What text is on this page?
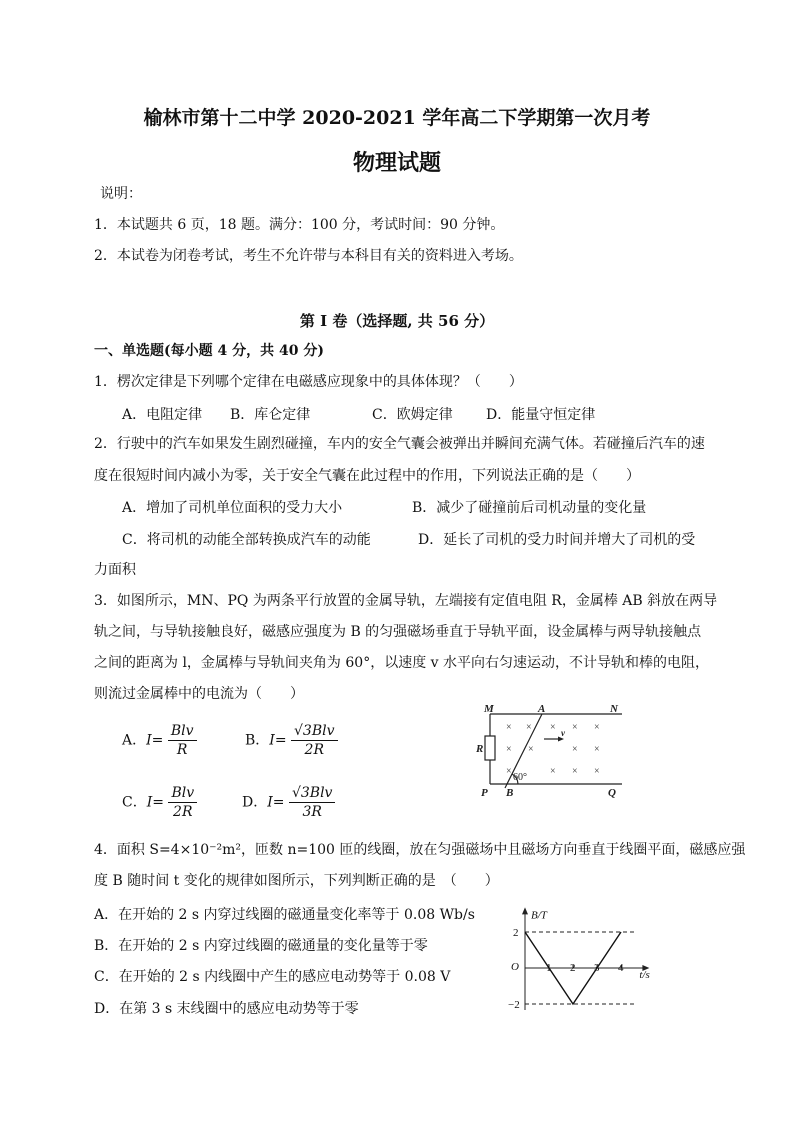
榆林市第十二中学 2020-2021 学年高二下学期第一次月考
物理试题
说明：
1．本试题共 6 页，18 题。满分：100 分，考试时间：90 分钟。
2．本试卷为闭卷考试，考生不允许带与本科目有关的资料进入考场。
第 I 卷（选择题, 共 56 分）
一、单选题(每小题 4 分，共 40 分)
1．楞次定律是下列哪个定律在电磁感应现象中的具体体现？（　　）
A．电阻定律 B．库仑定律	C．欧姆定律 D．能量守恒定律
2．行驶中的汽车如果发生剧烈碰撞，车内的安全气囊会被弹出并瞬间充满气体。若碰撞后汽车的速
度在很短时间内减小为零，关于安全气囊在此过程中的作用，下列说法正确的是（　　）
A．增加了司机单位面积的受力大小	B．减少了碰撞前后司机动量的变化量
C．将司机的动能全部转换成汽车的动能	D．延长了司机的受力时间并增大了司机的受
力面积
3．如图所示，MN、PQ 为两条平行放置的金属导轨，左端接有定值电阻 R，金属棒 AB 斜放在两导
轨之间，与导轨接触良好，磁感应强度为 B 的匀强磁场垂直于导轨平面，设金属棒与两导轨接触点
之间的距离为 l，金属棒与导轨间夹角为 60°，以速度 v 水平向右匀速运动，不计导轨和棒的电阻，
则流过金属棒中的电流为（　　）
A．$I= \frac{\text{Blv}}{R}$	B．$I= \frac{\text{√3Blv}}{2R}$
C．$I= \frac{\text{Blv}}{2R}$	D．$I= \frac{\text{√3Blv}}{3R}$
M	A	N
P B	Q
R
v
60°
× × × × ×
× ×	× ×
×	× × ×
4．面积 S=4×10⁻²m²，匝数 n=100 匝的线圈，放在匀强磁场中且磁场方向垂直于线圈平面，磁感应强
度 B 随时间 t 变化的规律如图所示，下列判断正确的是　（　　）
A．在开始的 2 s 内穿过线圈的磁通量变化率等于 0.08 Wb/s
B．在开始的 2 s 内穿过线圈的磁通量的变化量等于零
C．在开始的 2 s 内线圈中产生的感应电动势等于 0.08 V
D．在第 3 s 末线圈中的感应电动势等于零
1 2 3 4
2
−2
O
B/T
t/s
